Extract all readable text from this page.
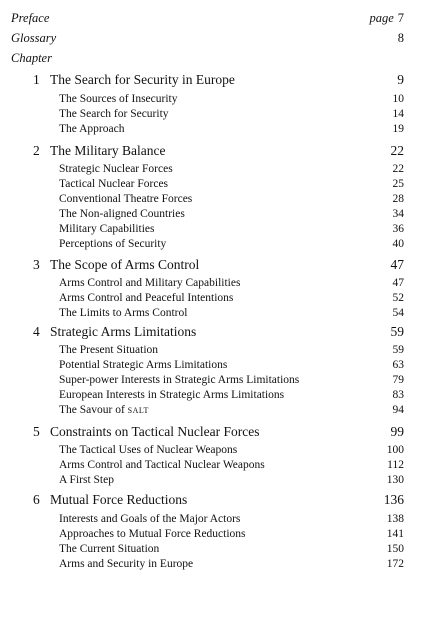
Preface	page 7
Glossary	8
Chapter
1 The Search for Security in Europe	9
The Sources of Insecurity	10
The Search for Security	14
The Approach	19
2 The Military Balance	22
Strategic Nuclear Forces	22
Tactical Nuclear Forces	25
Conventional Theatre Forces	28
The Non-aligned Countries	34
Military Capabilities	36
Perceptions of Security	40
3 The Scope of Arms Control	47
Arms Control and Military Capabilities	47
Arms Control and Peaceful Intentions	52
The Limits to Arms Control	54
4 Strategic Arms Limitations	59
The Present Situation	59
Potential Strategic Arms Limitations	63
Super-power Interests in Strategic Arms Limitations	79
European Interests in Strategic Arms Limitations	83
The Savour of salt	94
5 Constraints on Tactical Nuclear Forces	99
The Tactical Uses of Nuclear Weapons	100
Arms Control and Tactical Nuclear Weapons	112
A First Step	130
6 Mutual Force Reductions	136
Interests and Goals of the Major Actors	138
Approaches to Mutual Force Reductions	141
The Current Situation	150
Arms and Security in Europe	172
